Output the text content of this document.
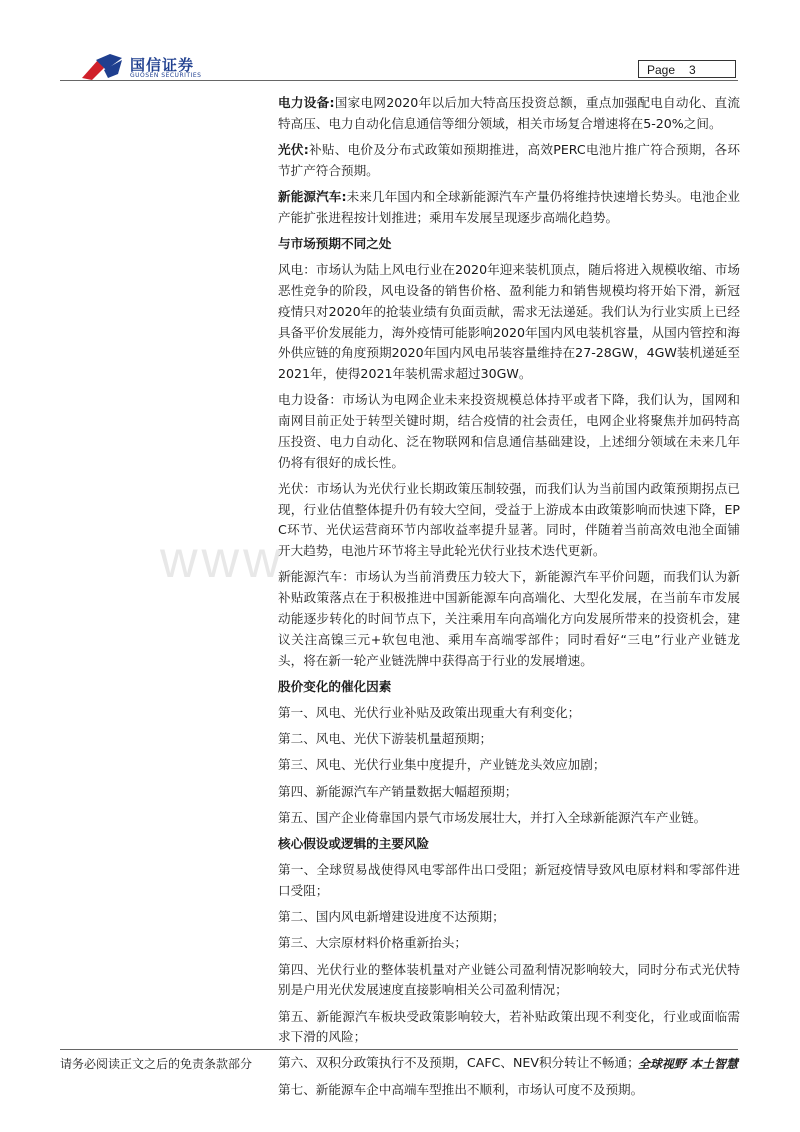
国信证券
GUOSEN SECURITIES	Page 3
www.

电力设备:国家电网2020年以后加大特高压投资总额，重点加强配电自动化、直流特高压、电力自动化信息通信等细分领域，相关市场复合增速将在5-20%之间。

光伏:补贴、电价及分布式政策如预期推进，高效PERC电池片推广符合预期，各环节扩产符合预期。

新能源汽车:未来几年国内和全球新能源汽车产量仍将维持快速增长势头。电池企业产能扩张进程按计划推进；乘用车发展呈现逐步高端化趋势。

与市场预期不同之处

风电：市场认为陆上风电行业在2020年迎来装机顶点，随后将进入规模收缩、市场恶性竞争的阶段，风电设备的销售价格、盈利能力和销售规模均将开始下滑，新冠疫情只对2020年的抢装业绩有负面贡献，需求无法递延。我们认为行业实质上已经具备平价发展能力，海外疫情可能影响2020年国内风电装机容量，从国内管控和海外供应链的角度预期2020年国内风电吊装容量维持在27-28GW，4GW装机递延至2021年，使得2021年装机需求超过30GW。

电力设备：市场认为电网企业未来投资规模总体持平或者下降，我们认为，国网和南网目前正处于转型关键时期，结合疫情的社会责任，电网企业将聚焦并加码特高压投资、电力自动化、泛在物联网和信息通信基础建设，上述细分领域在未来几年仍将有很好的成长性。

光伏：市场认为光伏行业长期政策压制较强，而我们认为当前国内政策预期拐点已现，行业估值整体提升仍有较大空间，受益于上游成本由政策影响而快速下降，EPC环节、光伏运营商环节内部收益率提升显著。同时，伴随着当前高效电池全面铺开大趋势，电池片环节将主导此轮光伏行业技术迭代更新。

新能源汽车：市场认为当前消费压力较大下，新能源汽车平价问题，而我们认为新补贴政策落点在于积极推进中国新能源车向高端化、大型化发展，在当前车市发展动能逐步转化的时间节点下，关注乘用车向高端化方向发展所带来的投资机会，建议关注高镍三元+软包电池、乘用车高端零部件；同时看好“三电”行业产业链龙头，将在新一轮产业链洗牌中获得高于行业的发展增速。

股价变化的催化因素

第一、风电、光伏行业补贴及政策出现重大有利变化；

第二、风电、光伏下游装机量超预期；

第三、风电、光伏行业集中度提升，产业链龙头效应加剧；

第四、新能源汽车产销量数据大幅超预期；

第五、国产企业倚靠国内景气市场发展壮大，并打入全球新能源汽车产业链。

核心假设或逻辑的主要风险

第一、全球贸易战使得风电零部件出口受阻；新冠疫情导致风电原材料和零部件进口受阻；

第二、国内风电新增建设进度不达预期；

第三、大宗原材料价格重新抬头；

第四、光伏行业的整体装机量对产业链公司盈利情况影响较大，同时分布式光伏特别是户用光伏发展速度直接影响相关公司盈利情况；

第五、新能源汽车板块受政策影响较大，若补贴政策出现不利变化，行业或面临需求下滑的风险；

第六、双积分政策执行不及预期，CAFC、NEV积分转让不畅通；

第七、新能源车企中高端车型推出不顺利，市场认可度不及预期。

请务必阅读正文之后的免责条款部分	全球视野 本土智慧
